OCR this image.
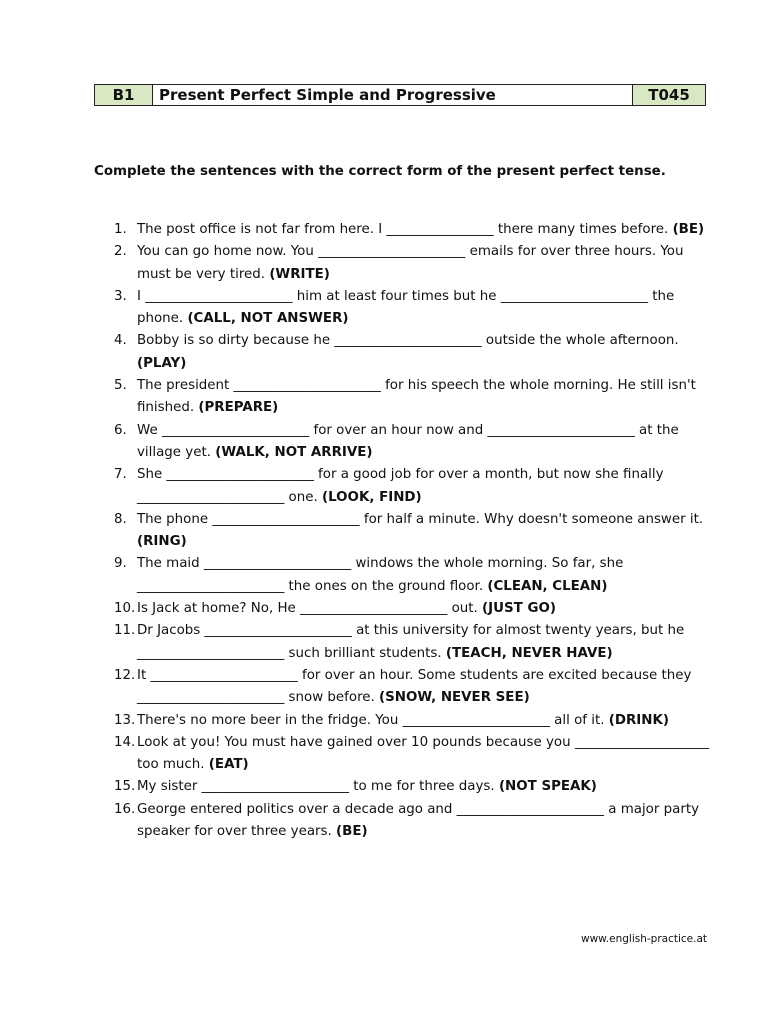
B1	Present Perfect Simple and Progressive	T045
Complete the sentences with the correct form of the present perfect tense.
1. The post office is not far from here. I ________________ there many times before. (BE)
2. You can go home now. You ______________________ emails for over three hours. You must be very tired. (WRITE)
3. I ______________________ him at least four times but he ______________________ the phone. (CALL, NOT ANSWER)
4. Bobby is so dirty because he ______________________ outside the whole afternoon. (PLAY)
5. The president ______________________ for his speech the whole morning. He still isn't finished. (PREPARE)
6. We ______________________ for over an hour now and ______________________ at the village yet. (WALK, NOT ARRIVE)
7. She ______________________ for a good job for over a month, but now she finally ______________________ one. (LOOK, FIND)
8. The phone ______________________ for half a minute. Why doesn't someone answer it. (RING)
9. The maid ______________________ windows the whole morning. So far, she ______________________ the ones on the ground floor. (CLEAN, CLEAN)
10. Is Jack at home? No, He ______________________ out. (JUST GO)
11. Dr Jacobs ______________________ at this university for almost twenty years, but he ______________________ such brilliant students. (TEACH, NEVER HAVE)
12. It ______________________ for over an hour. Some students are excited because they ______________________ snow before. (SNOW, NEVER SEE)
13. There's no more beer in the fridge. You ______________________ all of it. (DRINK)
14. Look at you! You must have gained over 10 pounds because you ____________________ too much. (EAT)
15. My sister ______________________ to me for three days. (NOT SPEAK)
16. George entered politics over a decade ago and ______________________ a major party speaker for over three years. (BE)
www.english-practice.at
